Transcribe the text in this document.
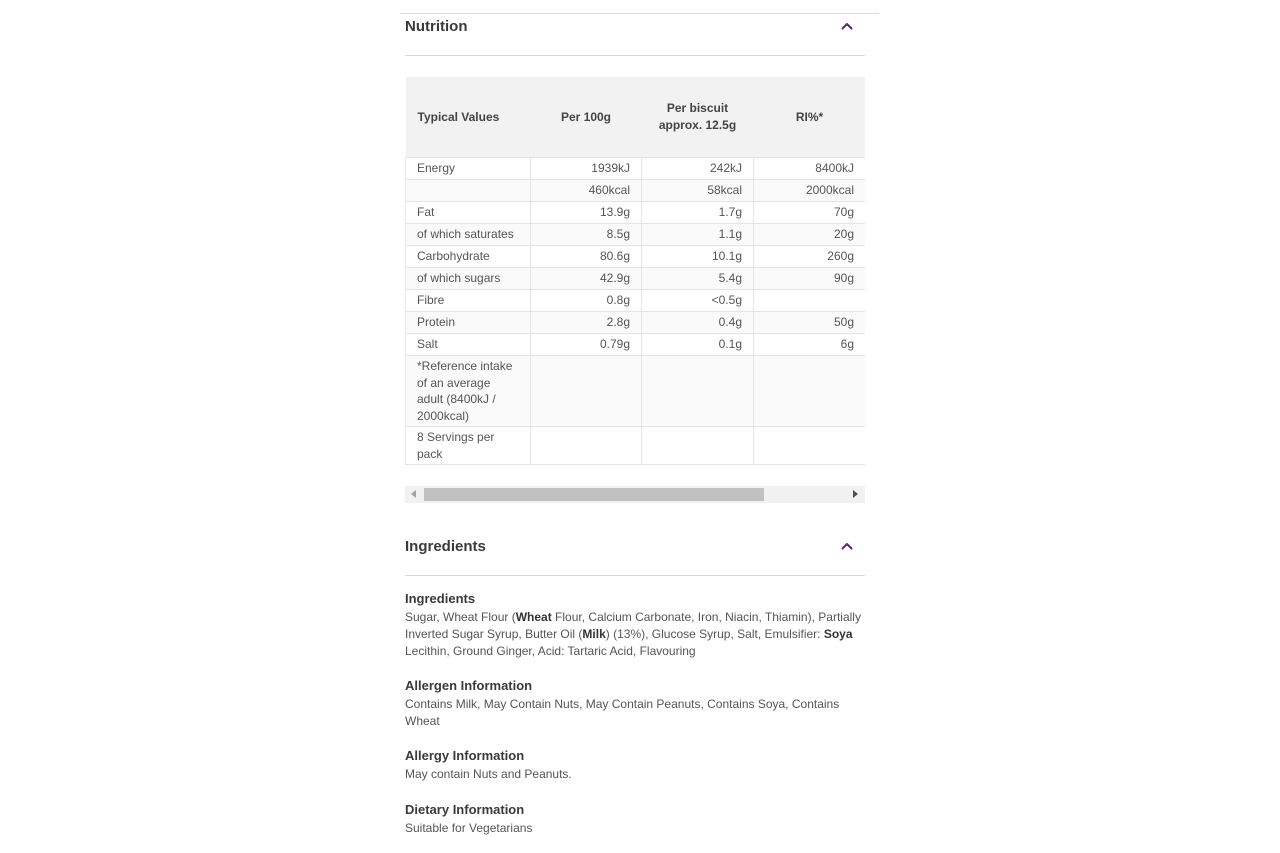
Nutrition
Typical Values	Per 100g	Per biscuit approx. 12.5g	RI%*
Energy	1939kJ	242kJ	8400kJ
	460kcal	58kcal	2000kcal
Fat	13.9g	1.7g	70g
of which saturates	8.5g	1.1g	20g
Carbohydrate	80.6g	10.1g	260g
of which sugars	42.9g	5.4g	90g
Fibre	0.8g	<0.5g	
Protein	2.8g	0.4g	50g
Salt	0.79g	0.1g	6g
*Reference intake of an average adult (8400kJ / 2000kcal)			
8 Servings per pack			
Ingredients
Ingredients
Sugar, Wheat Flour (Wheat Flour, Calcium Carbonate, Iron, Niacin, Thiamin), Partially Inverted Sugar Syrup, Butter Oil (Milk) (13%), Glucose Syrup, Salt, Emulsifier: Soya Lecithin, Ground Ginger, Acid: Tartaric Acid, Flavouring
Allergen Information
Contains Milk, May Contain Nuts, May Contain Peanuts, Contains Soya, Contains Wheat
Allergy Information
May contain Nuts and Peanuts.
Dietary Information
Suitable for Vegetarians
